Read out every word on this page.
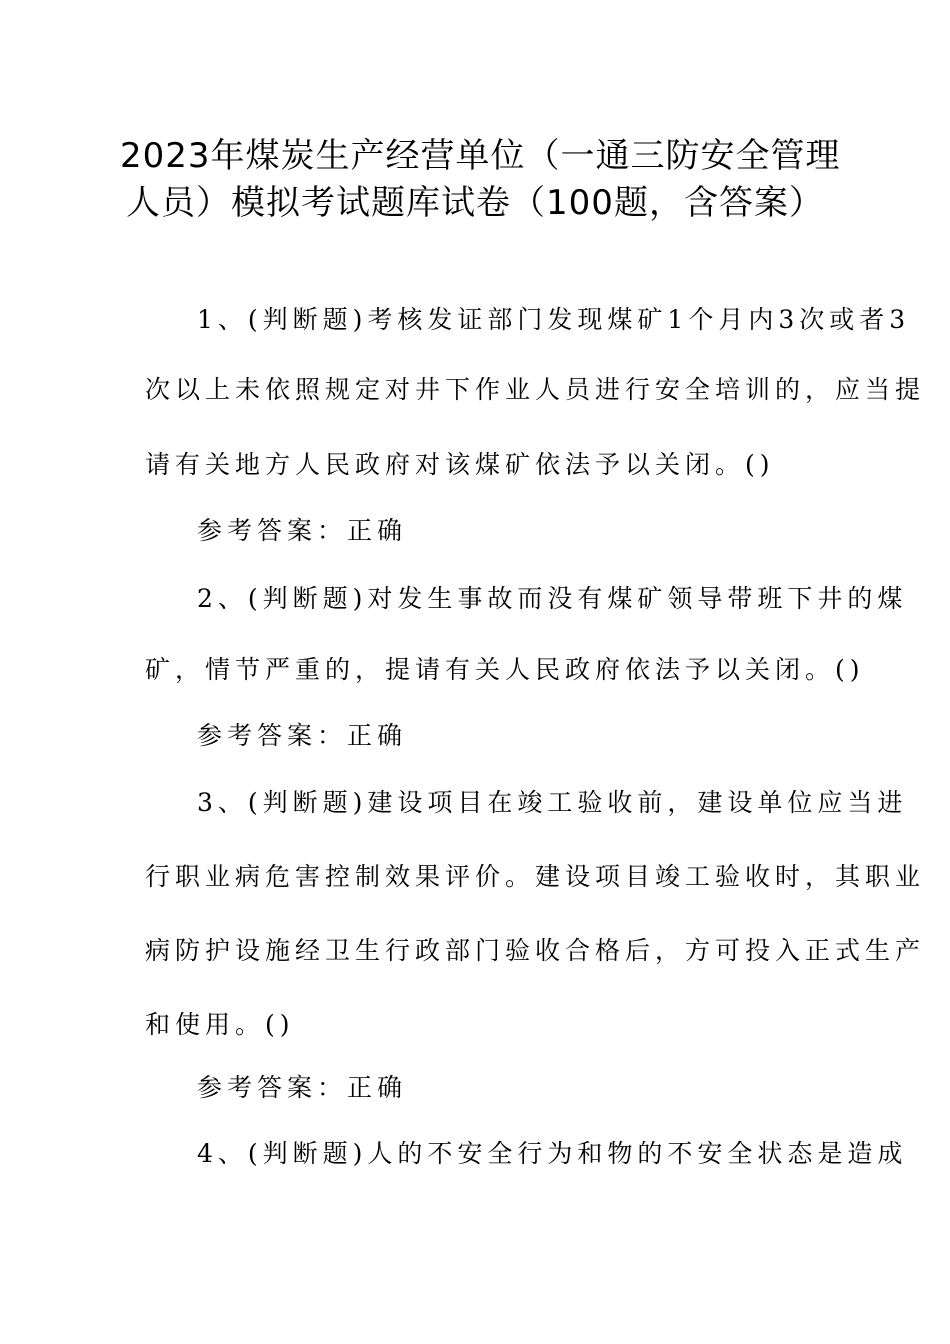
2023年煤炭生产经营单位（一通三防安全管理
人员）模拟考试题库试卷（100题，含答案）

1、(判断题)考核发证部门发现煤矿1个月内3次或者3

次以上未依照规定对井下作业人员进行安全培训的，应当提

请有关地方人民政府对该煤矿依法予以关闭。()

参考答案：正确

2、(判断题)对发生事故而没有煤矿领导带班下井的煤

矿，情节严重的，提请有关人民政府依法予以关闭。()

参考答案：正确

3、(判断题)建设项目在竣工验收前，建设单位应当进

行职业病危害控制效果评价。建设项目竣工验收时，其职业

病防护设施经卫生行政部门验收合格后，方可投入正式生产

和使用。()

参考答案：正确

4、(判断题)人的不安全行为和物的不安全状态是造成
